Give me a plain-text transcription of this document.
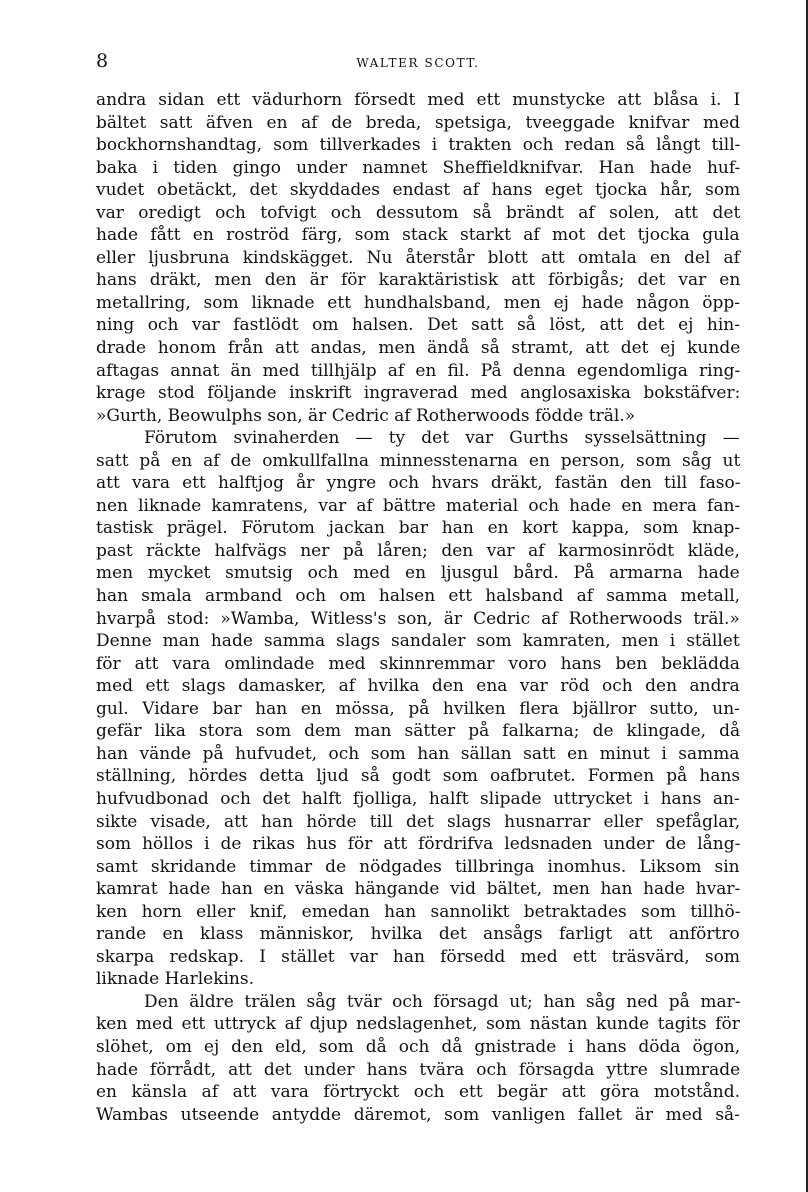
8	WALTER SCOTT.
andra sidan ett vädurhorn försedt med ett munstycke att blåsa i. I
bältet satt äfven en af de breda, spetsiga, tveeggade knifvar med
bockhornshandtag, som tillverkades i trakten och redan så långt till-
baka i tiden gingo under namnet Sheffieldknifvar. Han hade huf-
vudet obetäckt, det skyddades endast af hans eget tjocka hår, som
var oredigt och tofvigt och dessutom så brändt af solen, att det
hade fått en roströd färg, som stack starkt af mot det tjocka gula
eller ljusbruna kindskägget. Nu återstår blott att omtala en del af
hans dräkt, men den är för karaktäristisk att förbigås; det var en
metallring, som liknade ett hundhalsband, men ej hade någon öpp-
ning och var fastlödt om halsen. Det satt så löst, att det ej hin-
drade honom från att andas, men ändå så stramt, att det ej kunde
aftagas annat än med tillhjälp af en fil. På denna egendomliga ring-
krage stod följande inskrift ingraverad med anglosaxiska bokstäfver:
»Gurth, Beowulphs son, är Cedric af Rotherwoods födde träl.»
Förutom svinaherden — ty det var Gurths sysselsättning —
satt på en af de omkullfallna minnesstenarna en person, som såg ut
att vara ett halftjog år yngre och hvars dräkt, fastän den till faso-
nen liknade kamratens, var af bättre material och hade en mera fan-
tastisk prägel. Förutom jackan bar han en kort kappa, som knap-
past räckte halfvägs ner på låren; den var af karmosinrödt kläde,
men mycket smutsig och med en ljusgul bård. På armarna hade
han smala armband och om halsen ett halsband af samma metall,
hvarpå stod: »Wamba, Witless's son, är Cedric af Rotherwoods träl.»
Denne man hade samma slags sandaler som kamraten, men i stället
för att vara omlindade med skinnremmar voro hans ben beklädda
med ett slags damasker, af hvilka den ena var röd och den andra
gul. Vidare bar han en mössa, på hvilken flera bjällror sutto, un-
gefär lika stora som dem man sätter på falkarna; de klingade, då
han vände på hufvudet, och som han sällan satt en minut i samma
ställning, hördes detta ljud så godt som oafbrutet. Formen på hans
hufvudbonad och det halft fjolliga, halft slipade uttrycket i hans an-
sikte visade, att han hörde till det slags husnarrar eller spefåglar,
som höllos i de rikas hus för att fördrifva ledsnaden under de lång-
samt skridande timmar de nödgades tillbringa inomhus. Liksom sin
kamrat hade han en väska hängande vid bältet, men han hade hvar-
ken horn eller knif, emedan han sannolikt betraktades som tillhö-
rande en klass människor, hvilka det ansågs farligt att anförtro
skarpa redskap. I stället var han försedd med ett träsvärd, som
liknade Harlekins.
Den äldre trälen såg tvär och försagd ut; han såg ned på mar-
ken med ett uttryck af djup nedslagenhet, som nästan kunde tagits för
slöhet, om ej den eld, som då och då gnistrade i hans döda ögon,
hade förrådt, att det under hans tvära och försagda yttre slumrade
en känsla af att vara förtryckt och ett begär att göra motstånd.
Wambas utseende antydde däremot, som vanligen fallet är med så-
